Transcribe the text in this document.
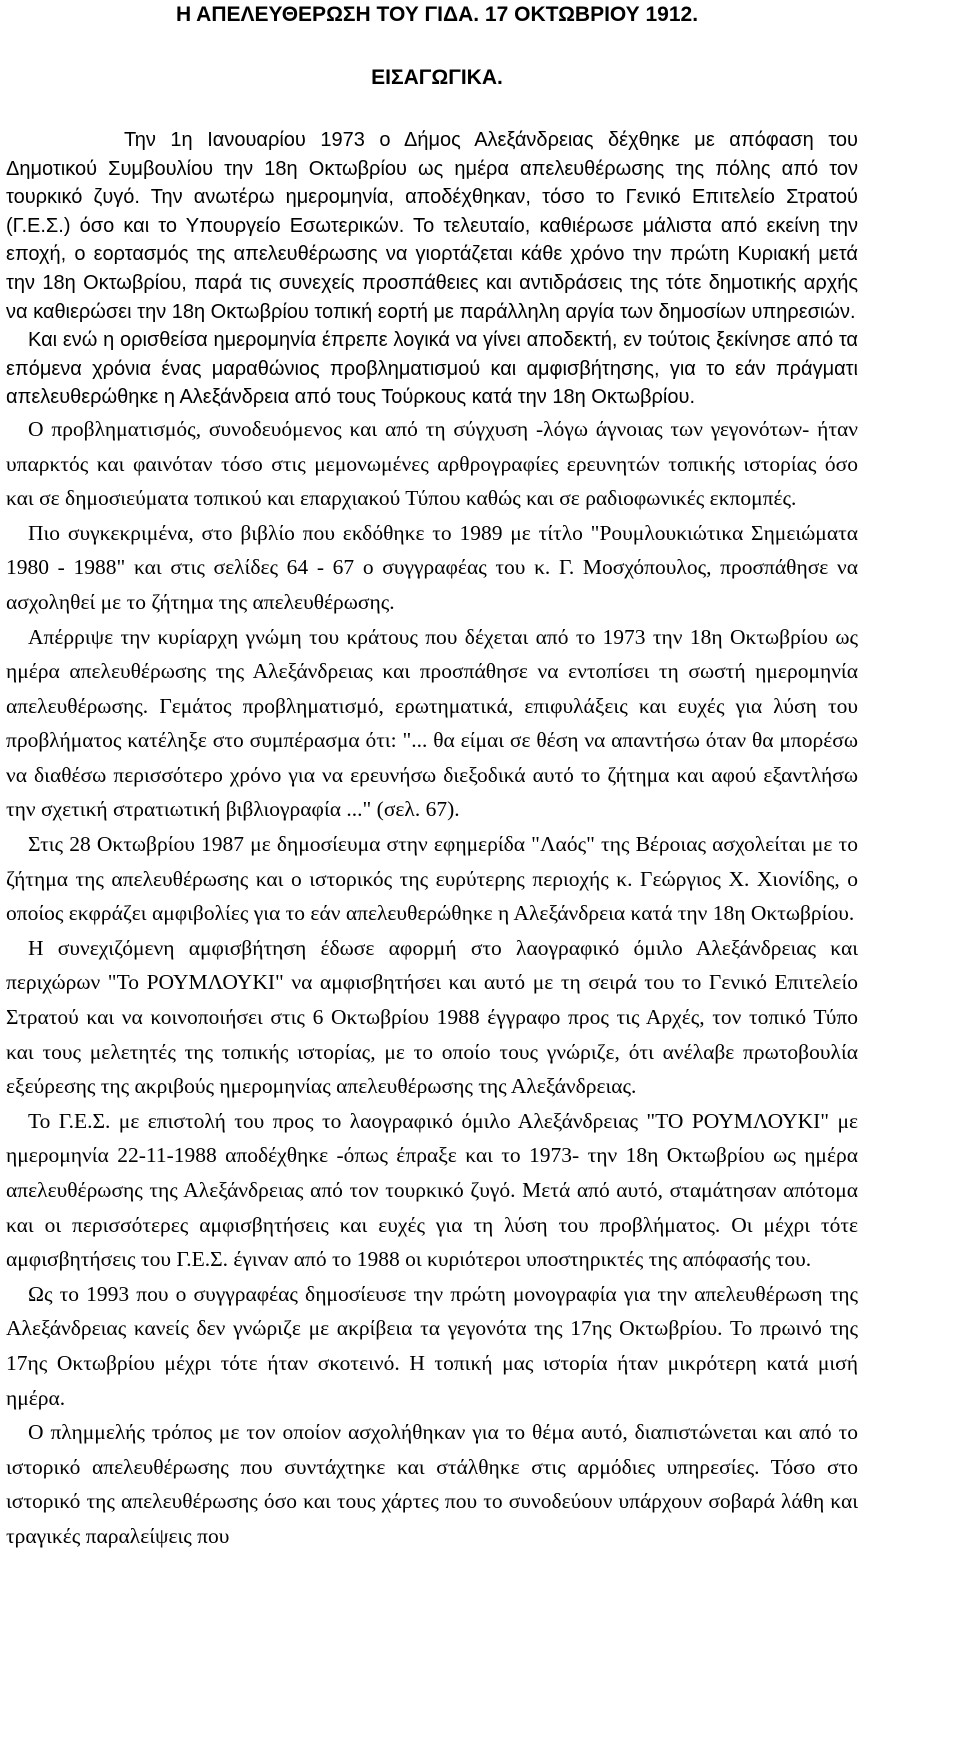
Η ΑΠΕΛΕΥΘΕΡΩΣΗ ΤΟΥ ΓΙΔΑ. 17 ΟΚΤΩΒΡΙΟΥ 1912.
ΕΙΣΑΓΩΓΙΚΑ.

Την 1η Ιανουαρίου 1973 ο Δήμος Αλεξάνδρειας δέχθηκε με απόφαση του Δημοτικού Συμβουλίου την 18η Οκτωβρίου ως ημέρα απελευθέρωσης της πόλης από τον τουρκικό ζυγό. Την ανωτέρω ημερομηνία, αποδέχθηκαν, τόσο το Γενικό Επιτελείο Στρατού (Γ.Ε.Σ.) όσο και το Υπουργείο Εσωτερικών. Το τελευταίο, καθιέρωσε μάλιστα από εκείνη την εποχή, ο εορτασμός της απελευθέρωσης να γιορτάζεται κάθε χρόνο την πρώτη Κυριακή μετά την 18η Οκτωβρίου, παρά τις συνεχείς προσπάθειες και αντιδράσεις της τότε δημοτικής αρχής να καθιερώσει την 18η Οκτωβρίου τοπική εορτή με παράλληλη αργία των δημοσίων υπηρεσιών.

Και ενώ η ορισθείσα ημερομηνία έπρεπε λογικά να γίνει αποδεκτή, εν τούτοις ξεκίνησε από τα επόμενα χρόνια ένας μαραθώνιος προβληματισμού και αμφισβήτησης, για το εάν πράγματι απελευθερώθηκε η Αλεξάνδρεια από τους Τούρκους κατά την 18η Οκτωβρίου.

Ο προβληματισμός, συνοδευόμενος και από τη σύγχυση -λόγω άγνοιας των γεγονότων- ήταν υπαρκτός και φαινόταν τόσο στις μεμονωμένες αρθρογραφίες ερευνητών τοπικής ιστορίας όσο και σε δημοσιεύματα τοπικού και επαρχιακού Τύπου καθώς και σε ραδιοφωνικές εκπομπές.

Πιο συγκεκριμένα, στο βιβλίο που εκδόθηκε το 1989 με τίτλο "Ρουμλουκιώτικα Σημειώματα 1980 - 1988" και στις σελίδες 64 - 67 ο συγγραφέας του κ. Γ. Μοσχόπουλος, προσπάθησε να ασχοληθεί με το ζήτημα της απελευθέρωσης.

Απέρριψε την κυρίαρχη γνώμη του κράτους που δέχεται από το 1973 την 18η Οκτωβρίου ως ημέρα απελευθέρωσης της Αλεξάνδρειας και προσπάθησε να εντοπίσει τη σωστή ημερομηνία απελευθέρωσης. Γεμάτος προβληματισμό, ερωτηματικά, επιφυλάξεις και ευχές για λύση του προβλήματος κατέληξε στο συμπέρασμα ότι: "... θα είμαι σε θέση να απαντήσω όταν θα μπορέσω να διαθέσω περισσότερο χρόνο για να ερευνήσω διεξοδικά αυτό το ζήτημα και αφού εξαντλήσω την σχετική στρατιωτική βιβλιογραφία ..." (σελ. 67).

Στις 28 Οκτωβρίου 1987 με δημοσίευμα στην εφημερίδα "Λαός" της Βέροιας ασχολείται με το ζήτημα της απελευθέρωσης και ο ιστορικός της ευρύτερης περιοχής κ. Γεώργιος Χ. Χιονίδης, ο οποίος εκφράζει αμφιβολίες για το εάν απελευθερώθηκε η Αλεξάνδρεια κατά την 18η Οκτωβρίου.

Η συνεχιζόμενη αμφισβήτηση έδωσε αφορμή στο λαογραφικό όμιλο Αλεξάνδρειας και περιχώρων "Το ΡΟΥΜΛΟΥΚΙ" να αμφισβητήσει και αυτό με τη σειρά του το Γενικό Επιτελείο Στρατού και να κοινοποιήσει στις 6 Οκτωβρίου 1988 έγγραφο προς τις Αρχές, τον τοπικό Τύπο και τους μελετητές της τοπικής ιστορίας, με το οποίο τους γνώριζε, ότι ανέλαβε πρωτοβουλία εξεύρεσης της ακριβούς ημερομηνίας απελευθέρωσης της Αλεξάνδρειας.

Το Γ.Ε.Σ. με επιστολή του προς το λαογραφικό όμιλο Αλεξάνδρειας "ΤΟ ΡΟΥΜΛΟΥΚΙ" με ημερομηνία 22-11-1988 αποδέχθηκε -όπως έπραξε και το 1973- την 18η Οκτωβρίου ως ημέρα απελευθέρωσης της Αλεξάνδρειας από τον τουρκικό ζυγό. Μετά από αυτό, σταμάτησαν απότομα και οι περισσότερες αμφισβητήσεις και ευχές για τη λύση του προβλήματος. Οι μέχρι τότε αμφισβητήσεις του Γ.Ε.Σ. έγιναν από το 1988 οι κυριότεροι υποστηρικτές της απόφασής του.

Ως το 1993 που ο συγγραφέας δημοσίευσε την πρώτη μονογραφία για την απελευθέρωση της Αλεξάνδρειας κανείς δεν γνώριζε με ακρίβεια τα γεγονότα της 17ης Οκτωβρίου. Το πρωινό της 17ης Οκτωβρίου μέχρι τότε ήταν σκοτεινό. Η τοπική μας ιστορία ήταν μικρότερη κατά μισή ημέρα.

Ο πλημμελής τρόπος με τον οποίον ασχολήθηκαν για το θέμα αυτό, διαπιστώνεται και από το ιστορικό απελευθέρωσης που συντάχτηκε και στάλθηκε στις αρμόδιες υπηρεσίες. Τόσο στο ιστορικό της απελευθέρωσης όσο και τους χάρτες που το συνοδεύουν υπάρχουν σοβαρά λάθη και τραγικές παραλείψεις που
